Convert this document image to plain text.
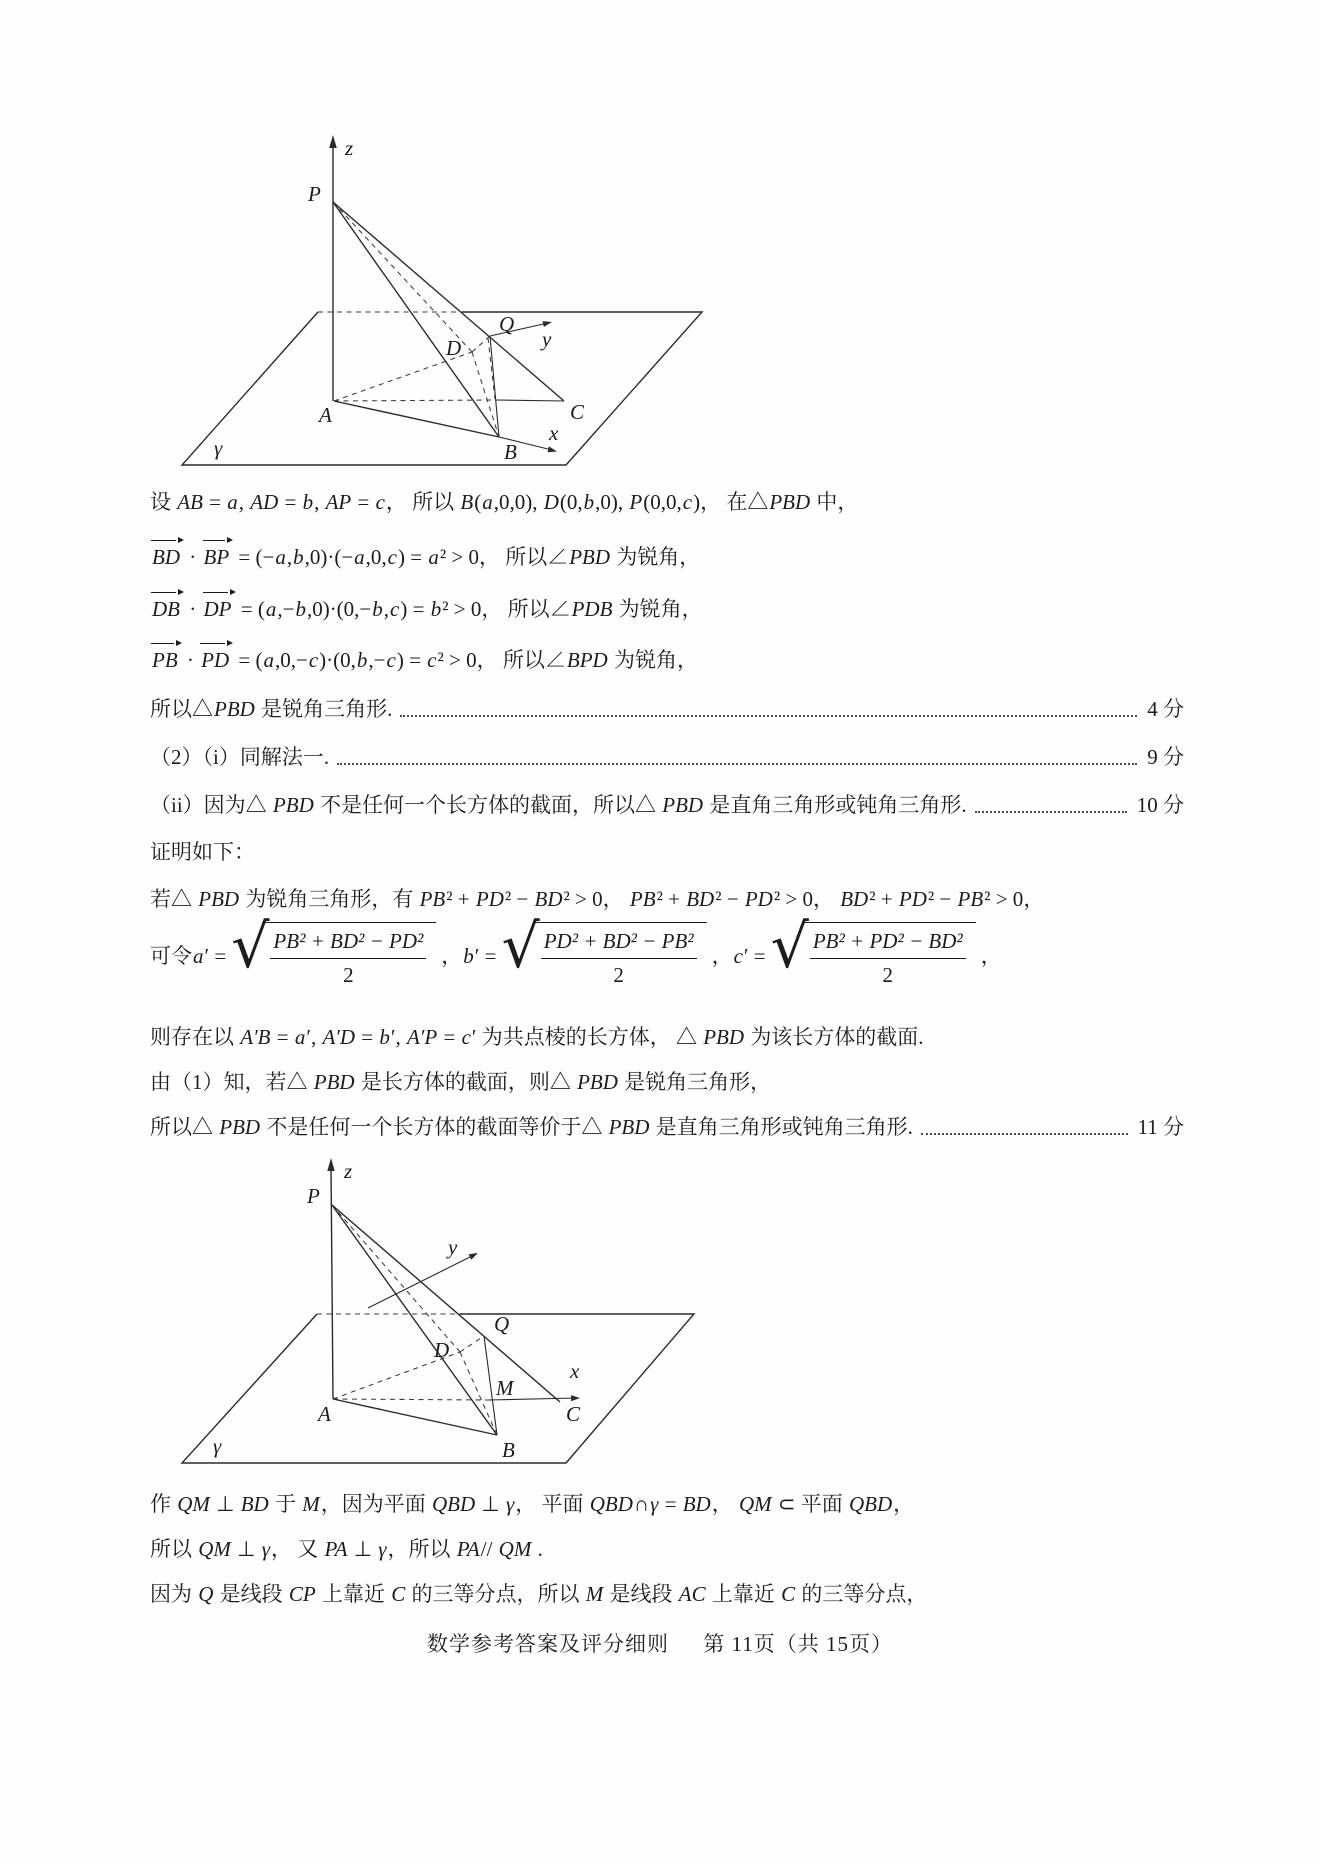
z
P
A
B
C
D
Q
x
y
γ
设 AB = a, AD = b, AP = c， 所以 B(a,0,0), D(0,b,0), P(0,0,c)， 在△PBD 中，
BD · BP = (−a,b,0)·(−a,0,c) = a² > 0， 所以∠PBD 为锐角，
DB · DP = (a,−b,0)·(0,−b,c) = b² > 0， 所以∠PDB 为锐角，
PB · PD = (a,0,−c)·(0,b,−c) = c² > 0， 所以∠BPD 为锐角，
所以△PBD 是锐角三角形.	4 分
（2）（i）同解法一.	9 分
（ii）因为△ PBD 不是任何一个长方体的截面，所以△ PBD 是直角三角形或钝角三角形.	10 分
证明如下：
若△ PBD 为锐角三角形，有 PB² + PD² − BD² > 0， PB² + BD² − PD² > 0， BD² + PD² − PB² > 0，
可令 a ′ = √
$\frac{\text{PB² + BD² − PD²}}{2}$ ， b ′ = √
$\frac{\text{PD² + BD² − PB²}}{2}$ ， c ′ = √
$\frac{\text{PB² + PD² − BD²}}{2}$ ，
则存在以 A′B = a′, A′D = b′, A′P = c′ 为共点棱的长方体， △ PBD 为该长方体的截面.
由（1）知，若△ PBD 是长方体的截面，则△ PBD 是锐角三角形，
所以△ PBD 不是任何一个长方体的截面等价于△ PBD 是直角三角形或钝角三角形.	11 分
z
P
A
B
C
D
Q
M
x
y
γ
作 QM ⊥ BD 于 M，因为平面 QBD ⊥ γ， 平面 QBD∩γ = BD， QM ⊂ 平面 QBD，
所以 QM ⊥ γ， 又 PA ⊥ γ，所以 PA// QM .
因为 Q 是线段 CP 上靠近 C 的三等分点，所以 M 是线段 AC 上靠近 C 的三等分点，
数学参考答案及评分细则 第 11页（共 15页）
